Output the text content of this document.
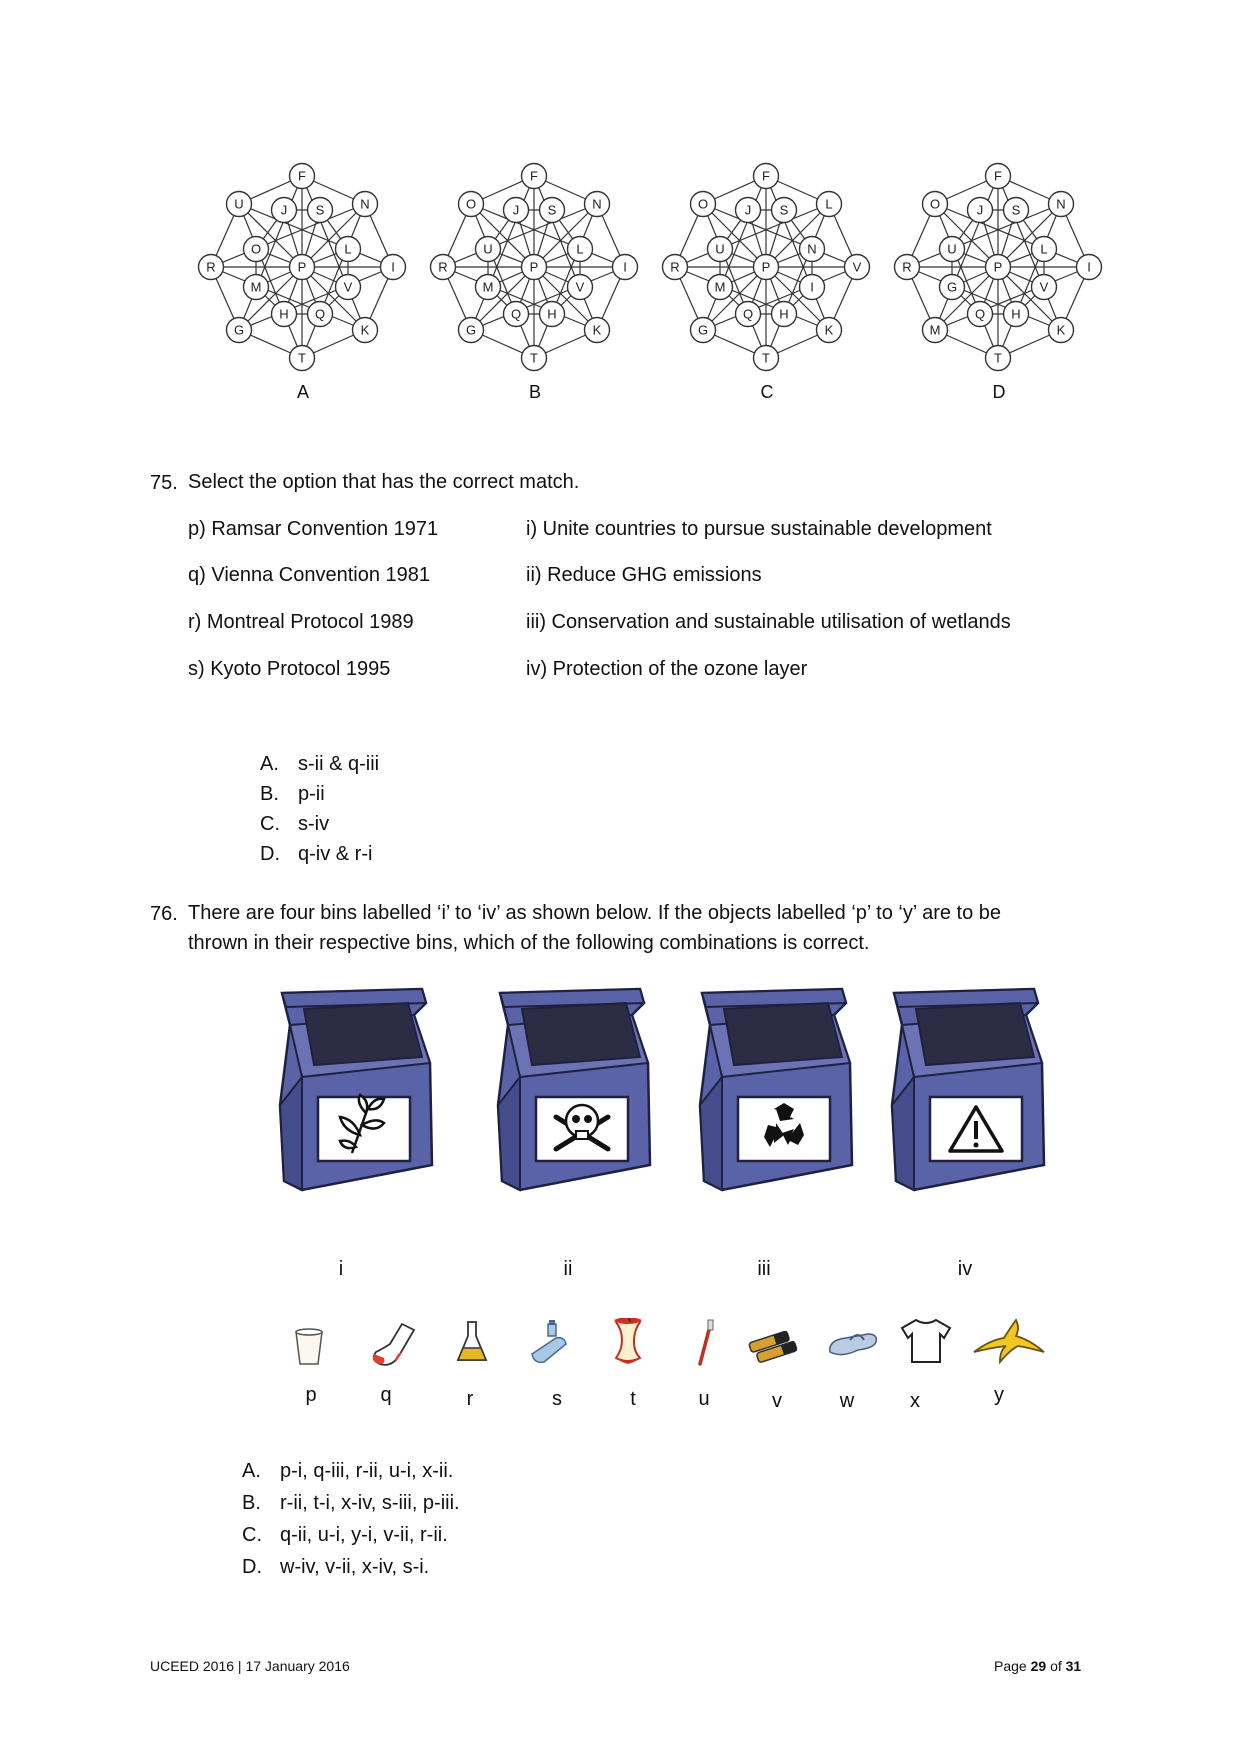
F
U	J S	N
O	L
R	P	I
M	V
H Q
G	K
T
F
O	J S	N
U	L
R	P	I
M	V
Q H
G	K
T
F
O	J S	L
U	N
R	P	V
M	I
Q H
G	K
T
F
O	J S	N
U	L
R	P	I
G	V
Q H
M	K
T
A	B	C	D
75. Select the option that has the correct match.
p) Ramsar Convention 1971	i) Unite countries to pursue sustainable development
q) Vienna Convention 1981	ii) Reduce GHG emissions
r) Montreal Protocol 1989	iii) Conservation and sustainable utilisation of wetlands
s) Kyoto Protocol 1995	iv) Protection of the ozone layer
A. s-ii & q-iii
B. p-ii
C. s-iv
D. q-iv & r-i
76. There are four bins labelled ‘i’ to ‘iv’ as shown below. If the objects labelled ‘p’ to ‘y’ are to be
thrown in their respective bins, which of the following combinations is correct.
i	ii	iii	iv
p	q	r	s	t	u	v	w	x	y
A. p-i, q-iii, r-ii, u-i, x-ii.
B. r-ii, t-i, x-iv, s-iii, p-iii.
C. q-ii, u-i, y-i, v-ii, r-ii.
D. w-iv, v-ii, x-iv, s-i.
UCEED 2016 | 17 January 2016	Page 29 of 31
